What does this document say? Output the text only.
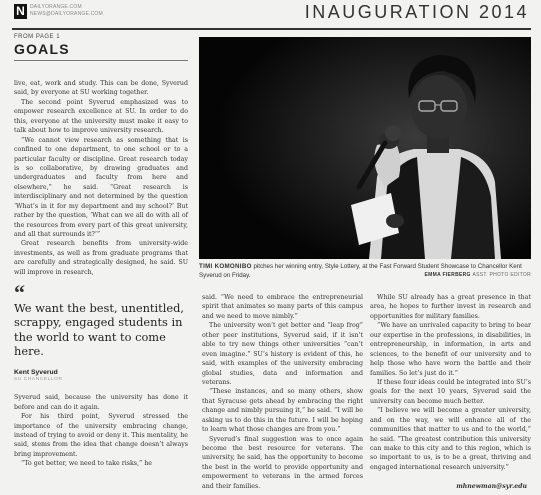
N	DAILYORANGE.COM
NEWS@DAILYORANGE.COM	INAUGURATION 2014
FROM PAGE 1
GOALS

live, eat, work and study. This can be done, Syverud said, by everyone at SU working together.

The second point Syverud emphasized was to empower research excellence at SU. In order to do this, everyone at the university must make it easy to talk about how to improve university research.

“We cannot view research as something that is confined to one department, to one school or to a particular faculty or discipline. Great research today is so collaborative, by drawing graduates and undergraduates and faculty from here and elsewhere,” he said. “Great research is interdisciplinary and not determined by the question ‘What’s in it for my department and my school?’ But rather by the question, ‘What can we all do with all of the resources from every part of this great university, and all that surrounds it?’”

Great research benefits from university-wide investments, as well as from graduate programs that are carefully and strategically designed, he said. SU will improve in research,

“
We want the best, unentitled, scrappy, engaged students in the world to want to come here.
Kent Syverud
SU CHANCELLOR

Syverud said, because the university has done it before and can do it again.

For his third point, Syverud stressed the importance of the university embracing change, instead of trying to avoid or deny it. This mentality, he said, stems from the idea that change doesn’t always bring improvement.

“To get better, we need to take risks,” he

TIMI KOMONIBO pitches her winning entry, Style Lottery, at the Fast Forward Student Showcase to Chancellor Kent Syverud on Friday.	EMMA FIERBERG ASST. PHOTO EDITOR

said. “We need to embrace the entrepreneurial spirit that animates so many parts of this campus and we need to move nimbly.”

The university won’t get better and “leap frog” other peer institutions, Syverud said, if it isn’t able to try new things other universities “can’t even imagine.” SU’s history is evident of this, he said, with examples of the university embracing global studies, data and information and veterans.

“These instances, and so many others, show that Syracuse gets ahead by embracing the right change and nimbly pursuing it,” he said. “I will be asking us to do this in the future. I will be hoping to learn what those changes are from you.”

Syverud’s final suggestion was to once again become the best resource for veterans. The university, he said, has the opportunity to become the best in the world to provide opportunity and empowerment to veterans in the armed forces and their families.

While SU already has a great presence in that area, he hopes to further invest in research and opportunities for military families.

“We have an unrivaled capacity to bring to bear our expertise in the professions, in disabilities, in entrepreneurship, in information, in arts and sciences, to the benefit of our university and to help those who have worn the battle and their families. So let’s just do it.”

If these four ideas could be integrated into SU’s goals for the next 10 years, Syverud said the university can become much better.

“I believe we will become a greater university, and on the way, we will enhance all of the communities that matter to us and to the world,” he said. “The greatest contribution this university can make to this city and to this region, which is so important to us, is to be a great, thriving and engaged international research university.”

mhnewman@syr.edu
